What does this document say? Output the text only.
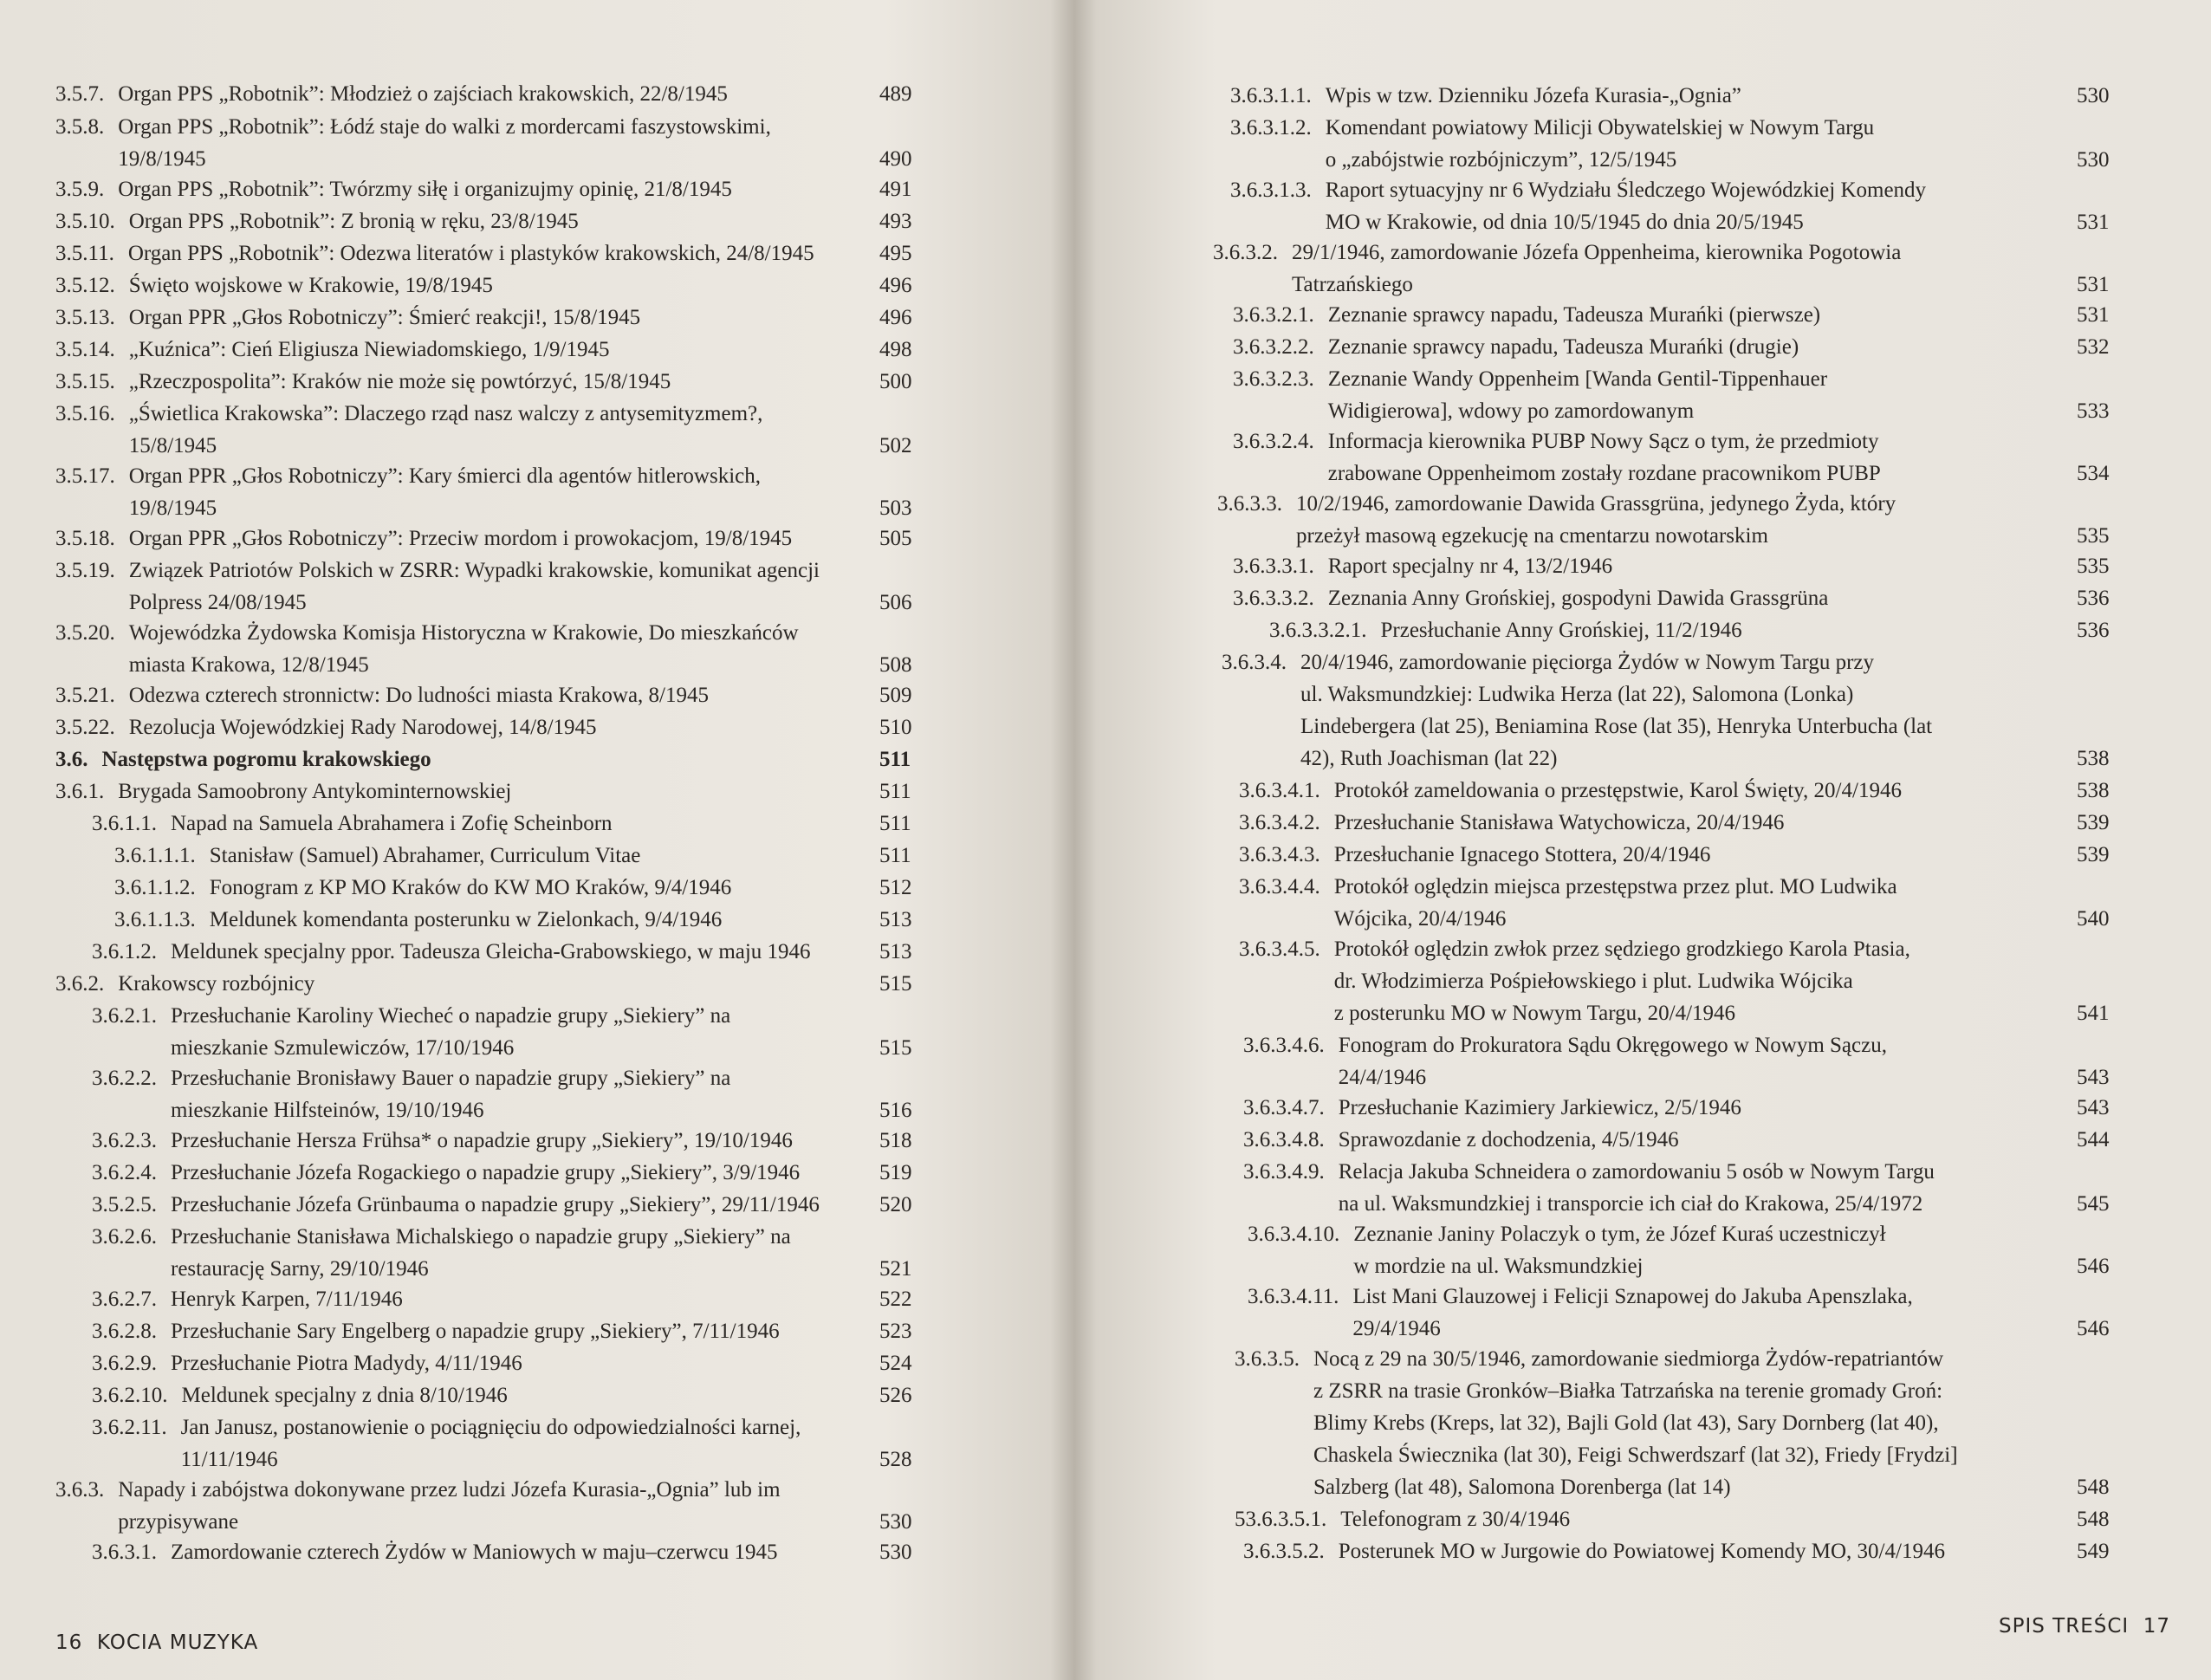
3.5.7. Organ PPS „Robotnik”: Młodzież o zajściach krakowskich, 22/8/1945	489
3.5.8. Organ PPS „Robotnik”: Łódź staje do walki z mordercami faszystowskimi,
19/8/1945	490
3.5.9. Organ PPS „Robotnik”: Twórzmy siłę i organizujmy opinię, 21/8/1945	491
3.5.10. Organ PPS „Robotnik”: Z bronią w ręku, 23/8/1945	493
3.5.11. Organ PPS „Robotnik”: Odezwa literatów i plastyków krakowskich, 24/8/1945	495
3.5.12. Święto wojskowe w Krakowie, 19/8/1945	496
3.5.13. Organ PPR „Głos Robotniczy”: Śmierć reakcji!, 15/8/1945	496
3.5.14. „Kuźnica”: Cień Eligiusza Niewiadomskiego, 1/9/1945	498
3.5.15. „Rzeczpospolita”: Kraków nie może się powtórzyć, 15/8/1945	500
3.5.16. „Świetlica Krakowska”: Dlaczego rząd nasz walczy z antysemityzmem?,
15/8/1945	502
3.5.17. Organ PPR „Głos Robotniczy”: Kary śmierci dla agentów hitlerowskich,
19/8/1945	503
3.5.18. Organ PPR „Głos Robotniczy”: Przeciw mordom i prowokacjom, 19/8/1945	505
3.5.19. Związek Patriotów Polskich w ZSRR: Wypadki krakowskie, komunikat agencji
Polpress 24/08/1945	506
3.5.20. Wojewódzka Żydowska Komisja Historyczna w Krakowie, Do mieszkańców
miasta Krakowa, 12/8/1945	508
3.5.21. Odezwa czterech stronnictw: Do ludności miasta Krakowa, 8/1945	509
3.5.22. Rezolucja Wojewódzkiej Rady Narodowej, 14/8/1945	510
3.6. Następstwa pogromu krakowskiego	511
3.6.1. Brygada Samoobrony Antykominternowskiej	511
3.6.1.1. Napad na Samuela Abrahamera i Zofię Scheinborn	511
3.6.1.1.1. Stanisław (Samuel) Abrahamer, Curriculum Vitae	511
3.6.1.1.2. Fonogram z KP MO Kraków do KW MO Kraków, 9/4/1946	512
3.6.1.1.3. Meldunek komendanta posterunku w Zielonkach, 9/4/1946	513
3.6.1.2. Meldunek specjalny ppor. Tadeusza Gleicha-Grabowskiego, w maju 1946	513
3.6.2. Krakowscy rozbójnicy	515
3.6.2.1. Przesłuchanie Karoliny Wiecheć o napadzie grupy „Siekiery” na
mieszkanie Szmulewiczów, 17/10/1946	515
3.6.2.2. Przesłuchanie Bronisławy Bauer o napadzie grupy „Siekiery” na
mieszkanie Hilfsteinów, 19/10/1946	516
3.6.2.3. Przesłuchanie Hersza Frühsa* o napadzie grupy „Siekiery”, 19/10/1946	518
3.6.2.4. Przesłuchanie Józefa Rogackiego o napadzie grupy „Siekiery”, 3/9/1946	519
3.5.2.5. Przesłuchanie Józefa Grünbauma o napadzie grupy „Siekiery”, 29/11/1946	520
3.6.2.6. Przesłuchanie Stanisława Michalskiego o napadzie grupy „Siekiery” na
restaurację Sarny, 29/10/1946	521
3.6.2.7. Henryk Karpen, 7/11/1946	522
3.6.2.8. Przesłuchanie Sary Engelberg o napadzie grupy „Siekiery”, 7/11/1946	523
3.6.2.9. Przesłuchanie Piotra Madydy, 4/11/1946	524
3.6.2.10. Meldunek specjalny z dnia 8/10/1946	526
3.6.2.11. Jan Janusz, postanowienie o pociągnięciu do odpowiedzialności karnej,
11/11/1946	528
3.6.3. Napady i zabójstwa dokonywane przez ludzi Józefa Kurasia-„Ognia” lub im
przypisywane	530
3.6.3.1. Zamordowanie czterech Żydów w Maniowych w maju–czerwcu 1945	530
16 KOCIA MUZYKA
3.6.3.1.1. Wpis w tzw. Dzienniku Józefa Kurasia-„Ognia”	530
3.6.3.1.2. Komendant powiatowy Milicji Obywatelskiej w Nowym Targu
o „zabójstwie rozbójniczym”, 12/5/1945	530
3.6.3.1.3. Raport sytuacyjny nr 6 Wydziału Śledczego Wojewódzkiej Komendy
MO w Krakowie, od dnia 10/5/1945 do dnia 20/5/1945	531
3.6.3.2. 29/1/1946, zamordowanie Józefa Oppenheima, kierownika Pogotowia
Tatrzańskiego	531
3.6.3.2.1. Zeznanie sprawcy napadu, Tadeusza Murańki (pierwsze)	531
3.6.3.2.2. Zeznanie sprawcy napadu, Tadeusza Murańki (drugie)	532
3.6.3.2.3. Zeznanie Wandy Oppenheim [Wanda Gentil-Tippenhauer
Widigierowa], wdowy po zamordowanym	533
3.6.3.2.4. Informacja kierownika PUBP Nowy Sącz o tym, że przedmioty
zrabowane Oppenheimom zostały rozdane pracownikom PUBP	534
3.6.3.3. 10/2/1946, zamordowanie Dawida Grassgrüna, jedynego Żyda, który
przeżył masową egzekucję na cmentarzu nowotarskim	535
3.6.3.3.1. Raport specjalny nr 4, 13/2/1946	535
3.6.3.3.2. Zeznania Anny Grońskiej, gospodyni Dawida Grassgrüna	536
3.6.3.3.2.1. Przesłuchanie Anny Grońskiej, 11/2/1946	536
3.6.3.4. 20/4/1946, zamordowanie pięciorga Żydów w Nowym Targu przy
ul. Waksmundzkiej: Ludwika Herza (lat 22), Salomona (Lonka)
Lindebergera (lat 25), Beniamina Rose (lat 35), Henryka Unterbucha (lat
42), Ruth Joachisman (lat 22)	538
3.6.3.4.1. Protokół zameldowania o przestępstwie, Karol Święty, 20/4/1946	538
3.6.3.4.2. Przesłuchanie Stanisława Watychowicza, 20/4/1946	539
3.6.3.4.3. Przesłuchanie Ignacego Stottera, 20/4/1946	539
3.6.3.4.4. Protokół oględzin miejsca przestępstwa przez plut. MO Ludwika
Wójcika, 20/4/1946	540
3.6.3.4.5. Protokół oględzin zwłok przez sędziego grodzkiego Karola Ptasia,
dr. Włodzimierza Pośpiełowskiego i plut. Ludwika Wójcika
z posterunku MO w Nowym Targu, 20/4/1946	541
3.6.3.4.6. Fonogram do Prokuratora Sądu Okręgowego w Nowym Sączu,
24/4/1946	543
3.6.3.4.7. Przesłuchanie Kazimiery Jarkiewicz, 2/5/1946	543
3.6.3.4.8. Sprawozdanie z dochodzenia, 4/5/1946	544
3.6.3.4.9. Relacja Jakuba Schneidera o zamordowaniu 5 osób w Nowym Targu
na ul. Waksmundzkiej i transporcie ich ciał do Krakowa, 25/4/1972	545
3.6.3.4.10. Zeznanie Janiny Polaczyk o tym, że Józef Kuraś uczestniczył
w mordzie na ul. Waksmundzkiej	546
3.6.3.4.11. List Mani Glauzowej i Felicji Sznapowej do Jakuba Apenszlaka,
29/4/1946	546
3.6.3.5. Nocą z 29 na 30/5/1946, zamordowanie siedmiorga Żydów-repatriantów
z ZSRR na trasie Gronków–Białka Tatrzańska na terenie gromady Groń:
Blimy Krebs (Kreps, lat 32), Bajli Gold (lat 43), Sary Dornberg (lat 40),
Chaskela Świecznika (lat 30), Feigi Schwerdszarf (lat 32), Friedy [Frydzi]
Salzberg (lat 48), Salomona Dorenberga (lat 14)	548
53.6.3.5.1. Telefonogram z 30/4/1946	548
3.6.3.5.2. Posterunek MO w Jurgowie do Powiatowej Komendy MO, 30/4/1946	549
SPIS TREŚCI 17
